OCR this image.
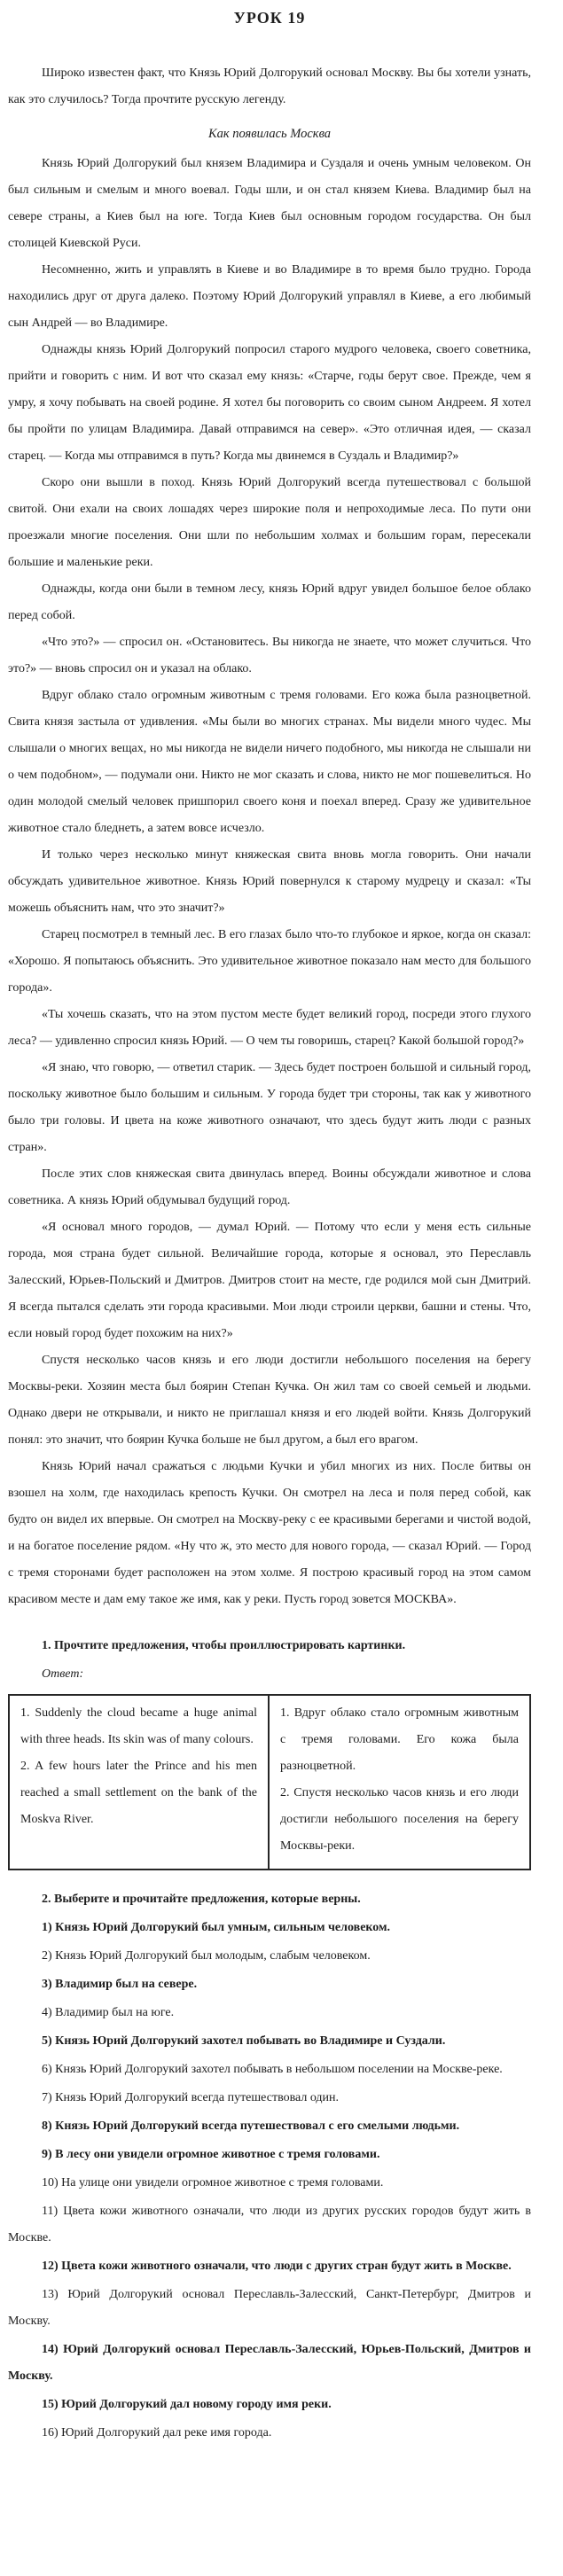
УРОК 19

Широко известен факт, что Князь Юрий Долгорукий основал Москву. Вы бы хотели узнать, как это случилось? Тогда прочтите русскую легенду.

Как появилась Москва

Князь Юрий Долгорукий был князем Владимира и Суздаля и очень умным человеком. Он был сильным и смелым и много воевал. Годы шли, и он стал князем Киева. Владимир был на севере страны, а Киев был на юге. Тогда Киев был основным городом государства. Он был столицей Киевской Руси.

Несомненно, жить и управлять в Киеве и во Владимире в то время было трудно. Города находились друг от друга далеко. Поэтому Юрий Долгорукий управлял в Киеве, а его любимый сын Андрей — во Владимире.

Однажды князь Юрий Долгорукий попросил старого мудрого человека, своего советника, прийти и говорить с ним. И вот что сказал ему князь: «Старче, годы берут свое. Прежде, чем я умру, я хочу побывать на своей родине. Я хотел бы поговорить со своим сыном Андреем. Я хотел бы пройти по улицам Владимира. Давай отправимся на север». «Это отличная идея, — сказал старец. — Когда мы отправимся в путь? Когда мы двинемся в Суздаль и Владимир?»

Скоро они вышли в поход. Князь Юрий Долгорукий всегда путешествовал с большой свитой. Они ехали на своих лошадях через широкие поля и непроходимые леса. По пути они проезжали многие поселения. Они шли по небольшим холмах и большим горам, пересекали большие и маленькие реки.

Однажды, когда они были в темном лесу, князь Юрий вдруг увидел большое белое облако перед собой.

«Что это?» — спросил он. «Остановитесь. Вы никогда не знаете, что может случиться. Что это?» — вновь спросил он и указал на облако.

Вдруг облако стало огромным животным с тремя головами. Его кожа была разноцветной. Свита князя застыла от удивления. «Мы были во многих странах. Мы видели много чудес. Мы слышали о многих вещах, но мы никогда не видели ничего подобного, мы никогда не слышали ни о чем подобном», — подумали они. Никто не мог сказать и слова, никто не мог пошевелиться. Но один молодой смелый человек пришпорил своего коня и поехал вперед. Сразу же удивительное животное стало бледнеть, а затем вовсе исчезло.

И только через несколько минут княжеская свита вновь могла говорить. Они начали обсуждать удивительное животное. Князь Юрий повернулся к старому мудрецу и сказал: «Ты можешь объяснить нам, что это значит?»

Старец посмотрел в темный лес. В его глазах было что-то глубокое и яркое, когда он сказал: «Хорошо. Я попытаюсь объяснить. Это удивительное животное показало нам место для большого города».

«Ты хочешь сказать, что на этом пустом месте будет великий город, посреди этого глухого леса? — удивленно спросил князь Юрий. — О чем ты говоришь, старец? Какой большой город?»

«Я знаю, что говорю, — ответил старик. — Здесь будет построен большой и сильный город, поскольку животное было большим и сильным. У города будет три стороны, так как у животного было три головы. И цвета на коже животного означают, что здесь будут жить люди с разных стран».

После этих слов княжеская свита двинулась вперед. Воины обсуждали животное и слова советника. А князь Юрий обдумывал будущий город.

«Я основал много городов, — думал Юрий. — Потому что если у меня есть сильные города, моя страна будет сильной. Величайшие города, которые я основал, это Переславль Залесский, Юрьев-Польский и Дмитров. Дмитров стоит на месте, где родился мой сын Дмитрий. Я всегда пытался сделать эти города красивыми. Мои люди строили церкви, башни и стены. Что, если новый город будет похожим на них?»

Спустя несколько часов князь и его люди достигли небольшого поселения на берегу Москвы-реки. Хозяин места был боярин Степан Кучка. Он жил там со своей семьей и людьми. Однако двери не открывали, и никто не приглашал князя и его людей войти. Князь Долгорукий понял: это значит, что боярин Кучка больше не был другом, а был его врагом.

Князь Юрий начал сражаться с людьми Кучки и убил многих из них. После битвы он взошел на холм, где находилась крепость Кучки. Он смотрел на леса и поля перед собой, как будто он видел их впервые. Он смотрел на Москву-реку с ее красивыми берегами и чистой водой, и на богатое поселение рядом. «Ну что ж, это место для нового города, — сказал Юрий. — Город с тремя сторонами будет расположен на этом холме. Я построю красивый город на этом самом красивом месте и дам ему такое же имя, как у реки. Пусть город зовется МОСКВА».

1. Прочтите предложения, чтобы проиллюстрировать картинки.
Ответ:

1. Suddenly the cloud became a huge animal with three heads. Its skin was of many colours.

2. A few hours later the Prince and his men reached a small settlement on the bank of the Moskva River.

1. Вдруг облако стало огромным животным с тремя головами. Его кожа была разноцветной.

2. Спустя несколько часов князь и его люди достигли небольшого поселения на берегу Москвы-реки.

2. Выберите и прочитайте предложения, которые верны.

1) Князь Юрий Долгорукий был умным, сильным человеком.

2) Князь Юрий Долгорукий был молодым, слабым человеком.

3) Владимир был на севере.

4) Владимир был на юге.

5) Князь Юрий Долгорукий захотел побывать во Владимире и Суздали.

6) Князь Юрий Долгорукий захотел побывать в небольшом поселении на Москве-реке.

7) Князь Юрий Долгорукий всегда путешествовал один.

8) Князь Юрий Долгорукий всегда путешествовал с его смелыми людьми.

9) В лесу они увидели огромное животное с тремя головами.

10) На улице они увидели огромное животное с тремя головами.

11) Цвета кожи животного означали, что люди из других русских городов будут жить в Москве.

12) Цвета кожи животного означали, что люди с других стран будут жить в Москве.

13) Юрий Долгорукий основал Переславль-Залесский, Санкт-Петербург, Дмитров и Москву.

14) Юрий Долгорукий основал Переславль-Залесский, Юрьев-Польский, Дмитров и Москву.

15) Юрий Долгорукий дал новому городу имя реки.

16) Юрий Долгорукий дал реке имя города.
